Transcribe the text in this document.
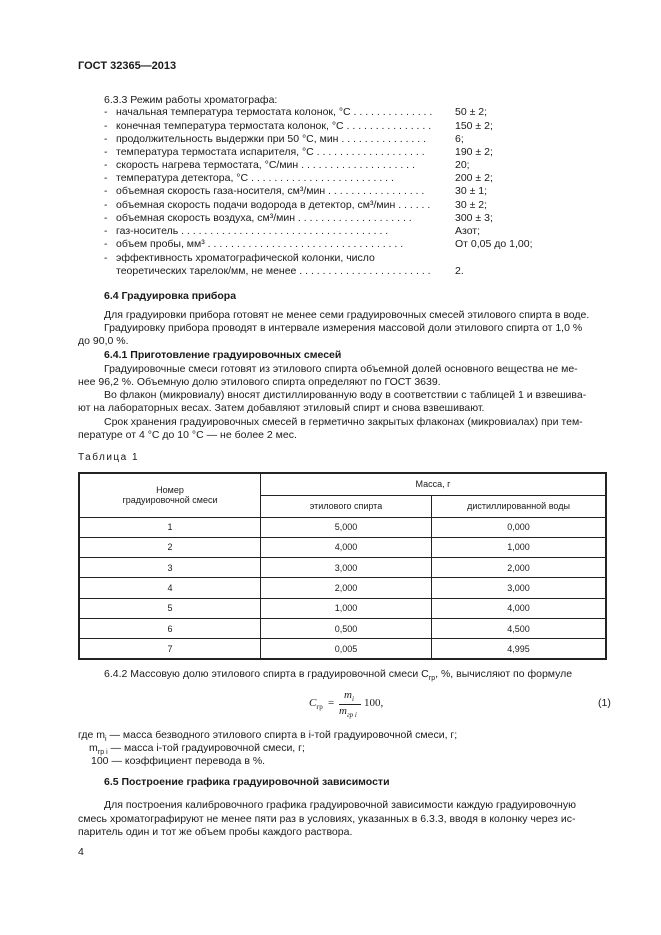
ГОСТ 32365—2013
6.3.3 Режим работы хроматографа:
- начальная температура термостата колонок, °С . . . . . . . . . . . . . . 50 ± 2;
- конечная температура термостата колонок, °С . . . . . . . . . . . . . . . 150 ± 2;
- продолжительность выдержки при 50 °С, мин . . . . . . . . . . . . . . .	6;
- температура термостата испарителя, °С . . . . . . . . . . . . . . . . . . .	190 ± 2;
- скорость нагрева термостата, °С/мин . . . . . . . . . . . . . . . . . . . .	20;
- температура детектора, °С . . . . . . . . . . . . . . . . . . . . . . . . .	200 ± 2;
- объемная скорость газа-носителя, см³/мин . . . . . . . . . . . . . . . . .	30 ± 1;
- объемная скорость подачи водорода в детектор, см³/мин . . . . . . 30 ± 2;
- объемная скорость воздуха, см³/мин . . . . . . . . . . . . . . . . . . . .	300 ± 3;
- газ-носитель . . . . . . . . . . . . . . . . . . . . . . . . . . . . . . . . . . . .	Азот;
- объем пробы, мм³ . . . . . . . . . . . . . . . . . . . . . . . . . . . . . . . . . .	От 0,05 до 1,00;
- эффективность хроматографической колонки, число
теоретических тарелок/мм, не менее . . . . . . . . . . . . . . . . . . . . . . . 2.
6.4 Градуировка прибора
Для градуировки прибора готовят не менее семи градуировочных смесей этилового спирта в воде.
Градуировку прибора проводят в интервале измерения массовой доли этилового спирта от 1,0 %
до 90,0 %.
6.4.1 Приготовление градуировочных смесей
Градуировочные смеси готовят из этилового спирта объемной долей основного вещества не ме-
нее 96,2 %. Объемную долю этилового спирта определяют по ГОСТ 3639.
Во флакон (микровиалу) вносят дистиллированную воду в соответствии с таблицей 1 и взвешива-
ют на лабораторных весах. Затем добавляют этиловый спирт и снова взвешивают.
Срок хранения градуировочных смесей в герметично закрытых флаконах (микровиалах) при тем-
пературе от 4 °С до 10 °С — не более 2 мес.
Таблица 1
Номер
градуировочной смеси	Масса, г	
	этилового спирта	дистиллированной воды
1	5,000	0,000
2	4,000	1,000
3	3,000	2,000
4	2,000	3,000
5	1,000	4,000
6	0,500	4,500
7	0,005	4,995
6.4.2 Массовую долю этилового спирта в градуировочной смеси $C_{гр}$, %, вычисляют по формуле
$C_{гр}$ =
$m_i$
$m_{гр i}$
100,	(1)
где $m_i$ — масса безводного этилового спирта в i-той градуировочной смеси, г;
$m_{гр i}$ — масса i-той градуировочной смеси, г;
100 — коэффициент перевода в %.
6.5 Построение графика градуировочной зависимости
Для построения калибровочного графика градуировочной зависимости каждую градуировочную
смесь хроматографируют не менее пяти раз в условиях, указанных в 6.3.3, вводя в колонку через ис-
паритель один и тот же объем пробы каждого раствора.
4
